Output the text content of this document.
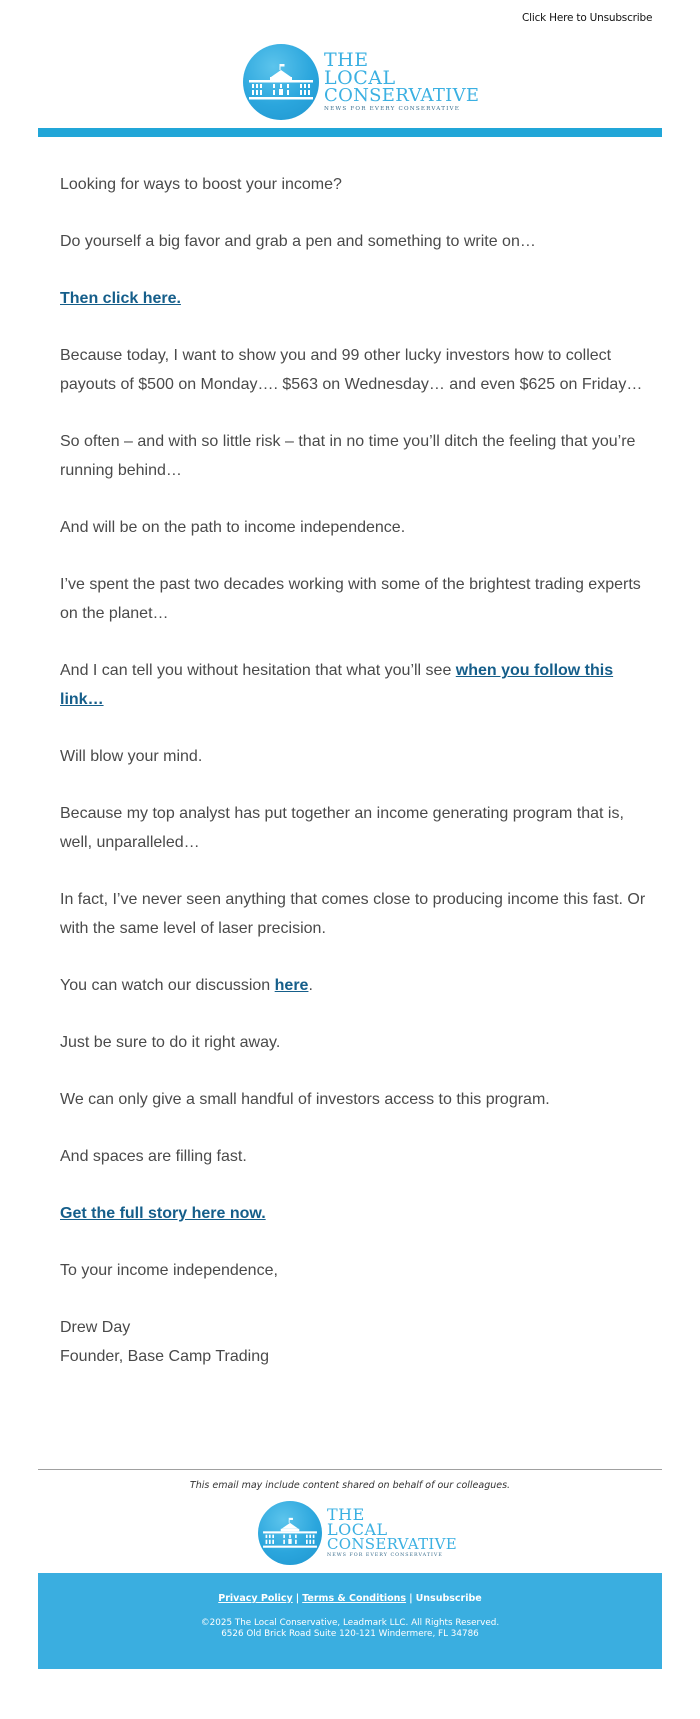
Click Here to Unsubscribe
THE
LOCAL
CONSERVATIVE
NEWS FOR EVERY CONSERVATIVE

Looking for ways to boost your income?

Do yourself a big favor and grab a pen and something to write on…

Then click here.

Because today, I want to show you and 99 other lucky investors how to collect payouts of $500 on Monday…. $563 on Wednesday… and even $625 on Friday…

So often – and with so little risk – that in no time you’ll ditch the feeling that you’re running behind…

And will be on the path to income independence.

I’ve spent the past two decades working with some of the brightest trading experts on the planet…

And I can tell you without hesitation that what you’ll see when you follow this link…

Will blow your mind.

Because my top analyst has put together an income generating program that is, well, unparalleled…

In fact, I’ve never seen anything that comes close to producing income this fast. Or with the same level of laser precision.

You can watch our discussion here.

Just be sure to do it right away.

We can only give a small handful of investors access to this program.

And spaces are filling fast.

Get the full story here now.

To your income independence,

Drew Day
Founder, Base Camp Trading
This email may include content shared on behalf of our colleagues.
THE
LOCAL
CONSERVATIVE
NEWS FOR EVERY CONSERVATIVE
Privacy Policy | Terms & Conditions | Unsubscribe
©2025 The Local Conservative, Leadmark LLC. All Rights Reserved.
6526 Old Brick Road Suite 120-121 Windermere, FL 34786
